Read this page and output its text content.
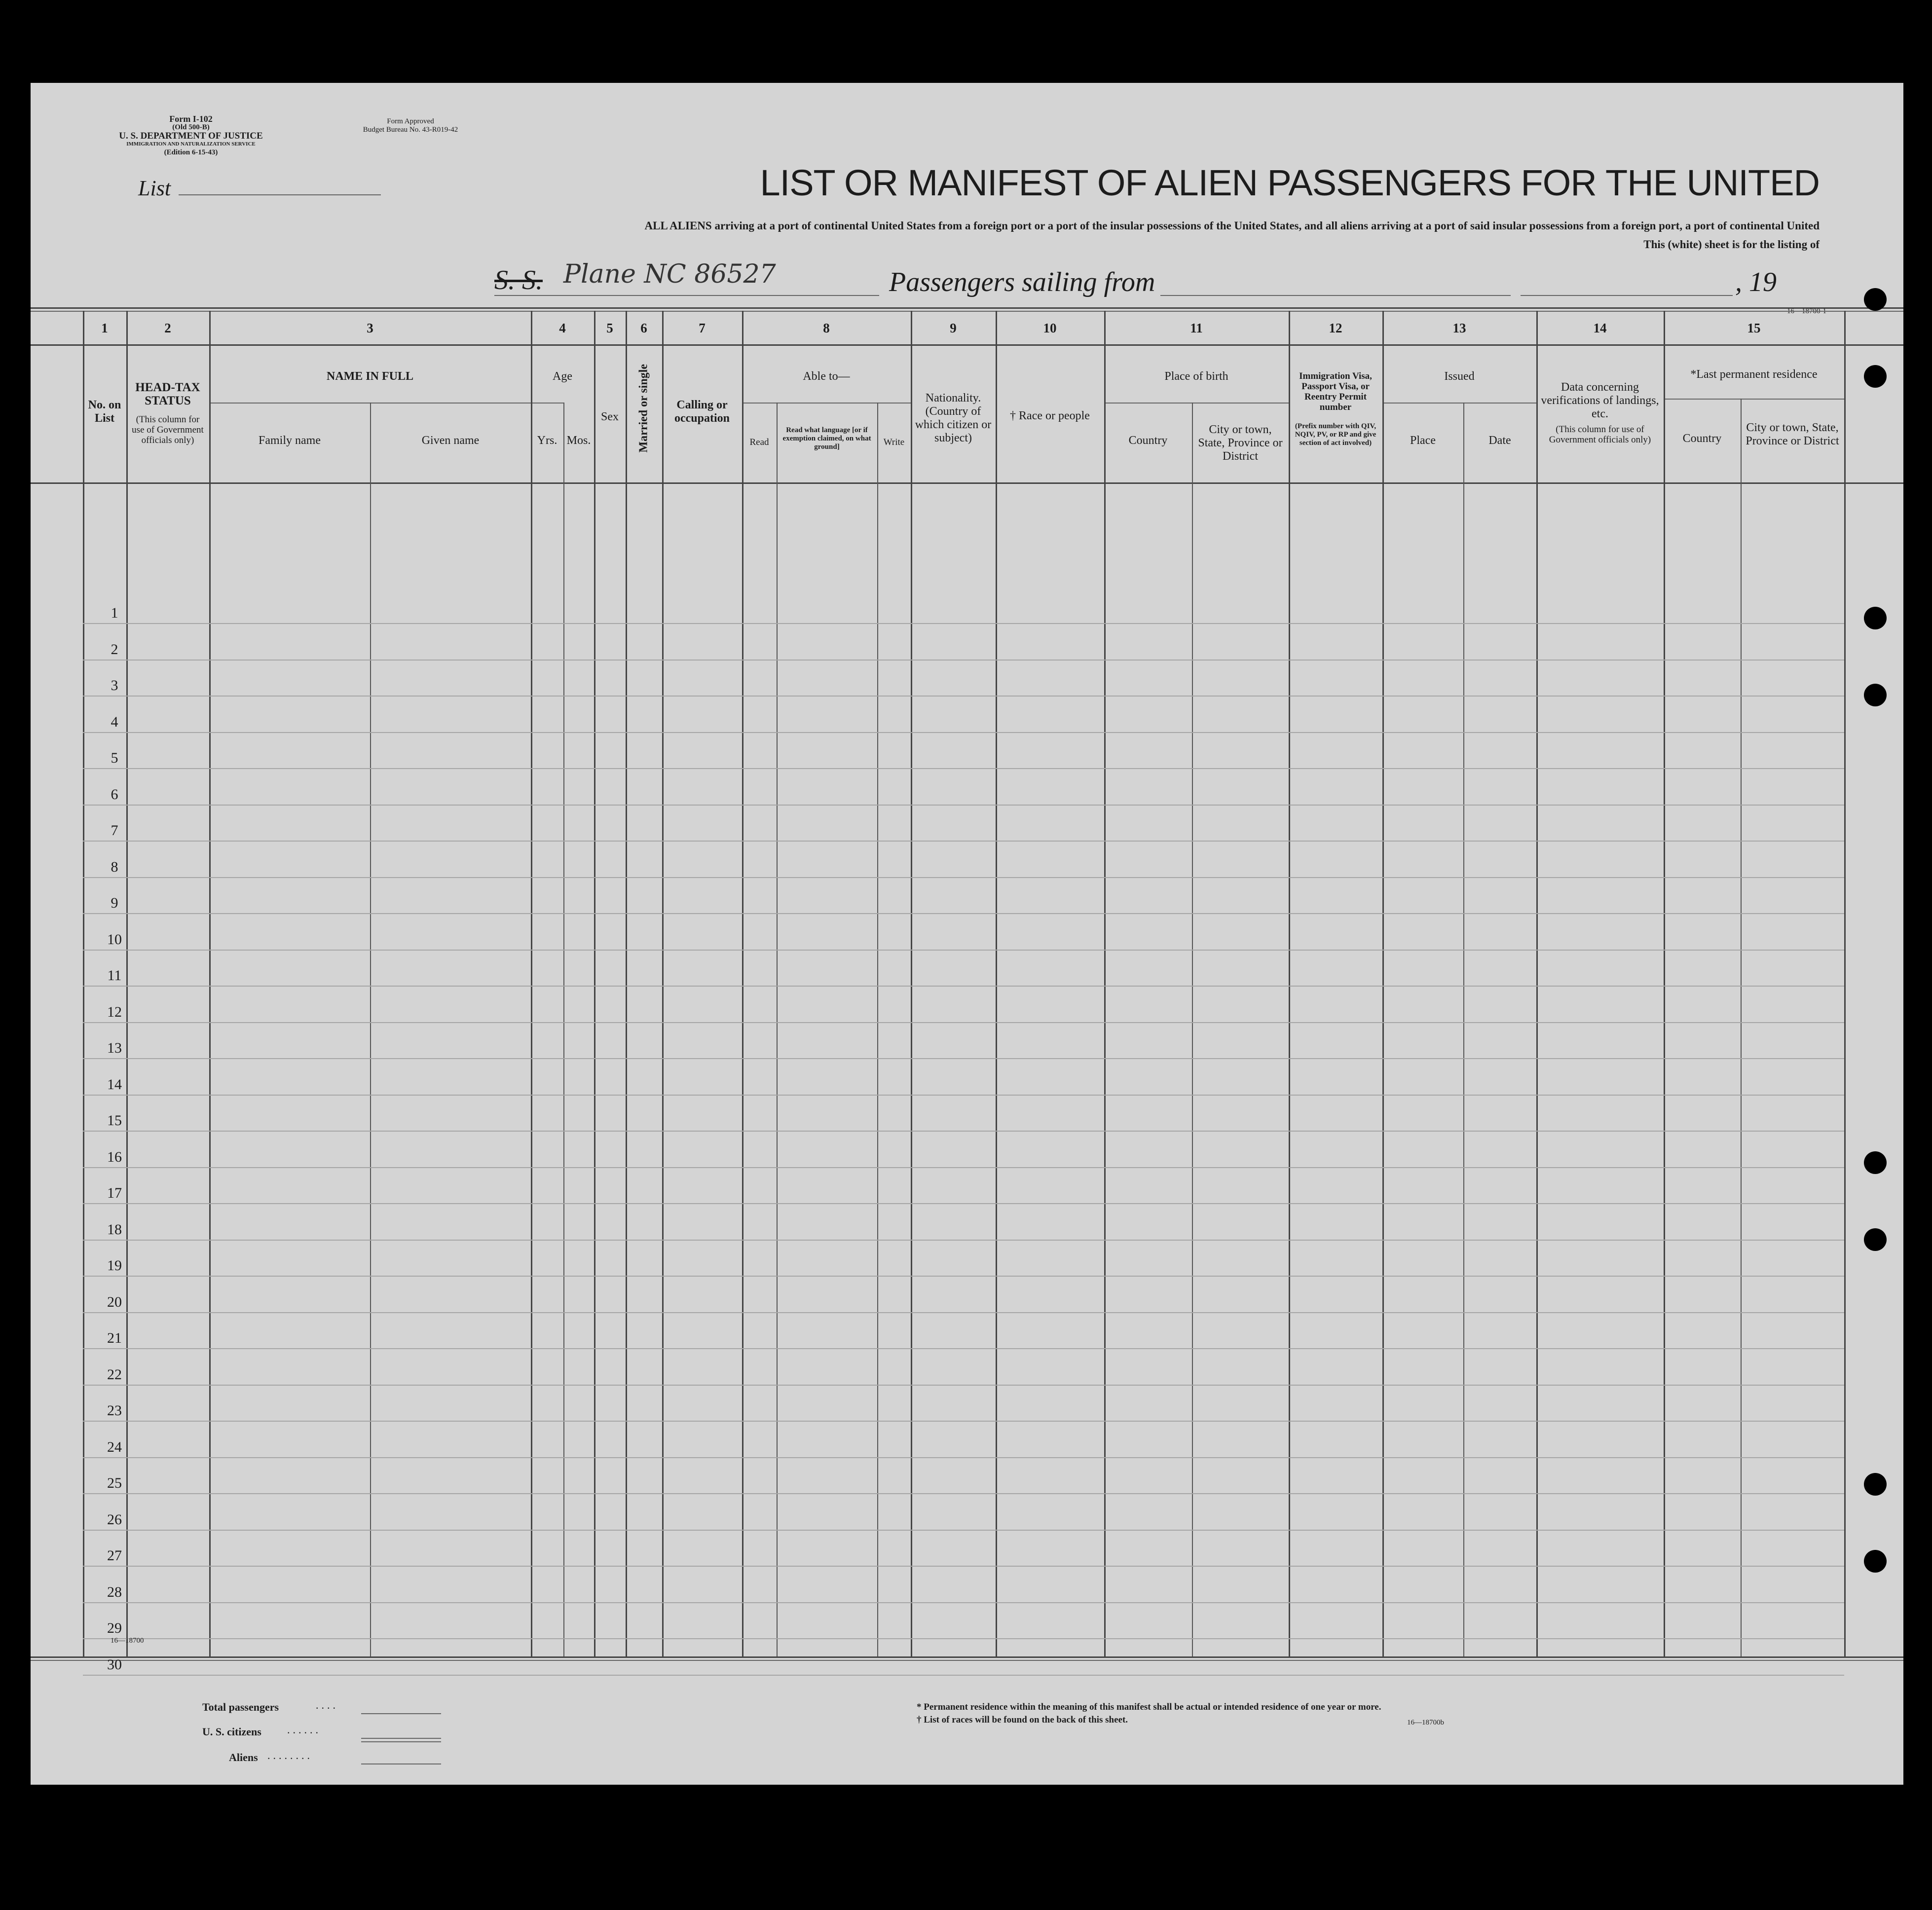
Form I-102
(Old 500-B)
U. S. DEPARTMENT OF JUSTICE
IMMIGRATION AND NATURALIZATION SERVICE
(Edition 6-15-43)
Form Approved
Budget Bureau No. 43-R019-42
List	LIST OR MANIFEST OF ALIEN PASSENGERS FOR THE UNITED
ALL ALIENS arriving at a port of continental United States from a foreign port or a port of the insular possessions of the United States, and all aliens arriving at a port of said insular possessions from a foreign port, a port of continental United
This (white) sheet is for the listing of
S. S. Plane NC 86527	Passengers sailing from	, 19
16—18700-1
1	2	3	4	5	6	7	8	9	10	11	12	13	14	15
No. on List
HEAD-TAX STATUS
(This column for use of Government officials only)
NAME IN FULL
Family name	Given name
Age
Yrs. Mos.
Sex	Married or single	Calling or occupation
Able to—
Read
Read what language [or if exemption claimed, on what ground]	Write
Nationality. (Country of which citizen or subject)
† Race or people
Place of birth
Country
City or town, State, Province or District
Immigration Visa, Passport Visa, or Reentry Permit number
(Prefix number with QIV, NQIV, PV, or RP and give section of act involved)
Issued
Place	Date
Data concerning verifications of landings, etc.
(This column for use of Government officials only)
*Last permanent residence
Country
City or town, State, Province or District
1
2
3
4
5
6
7
8
9
10
11
12
13
14
15
16
17
18
19
20
21
22
23
24
25
26
27
28
29
30
16—18700
Total passengers	....
U. S. citizens ......
Aliens ........
* Permanent residence within the meaning of this manifest shall be actual or intended residence of one year or more.
† List of races will be found on the back of this sheet.	16—18700b
